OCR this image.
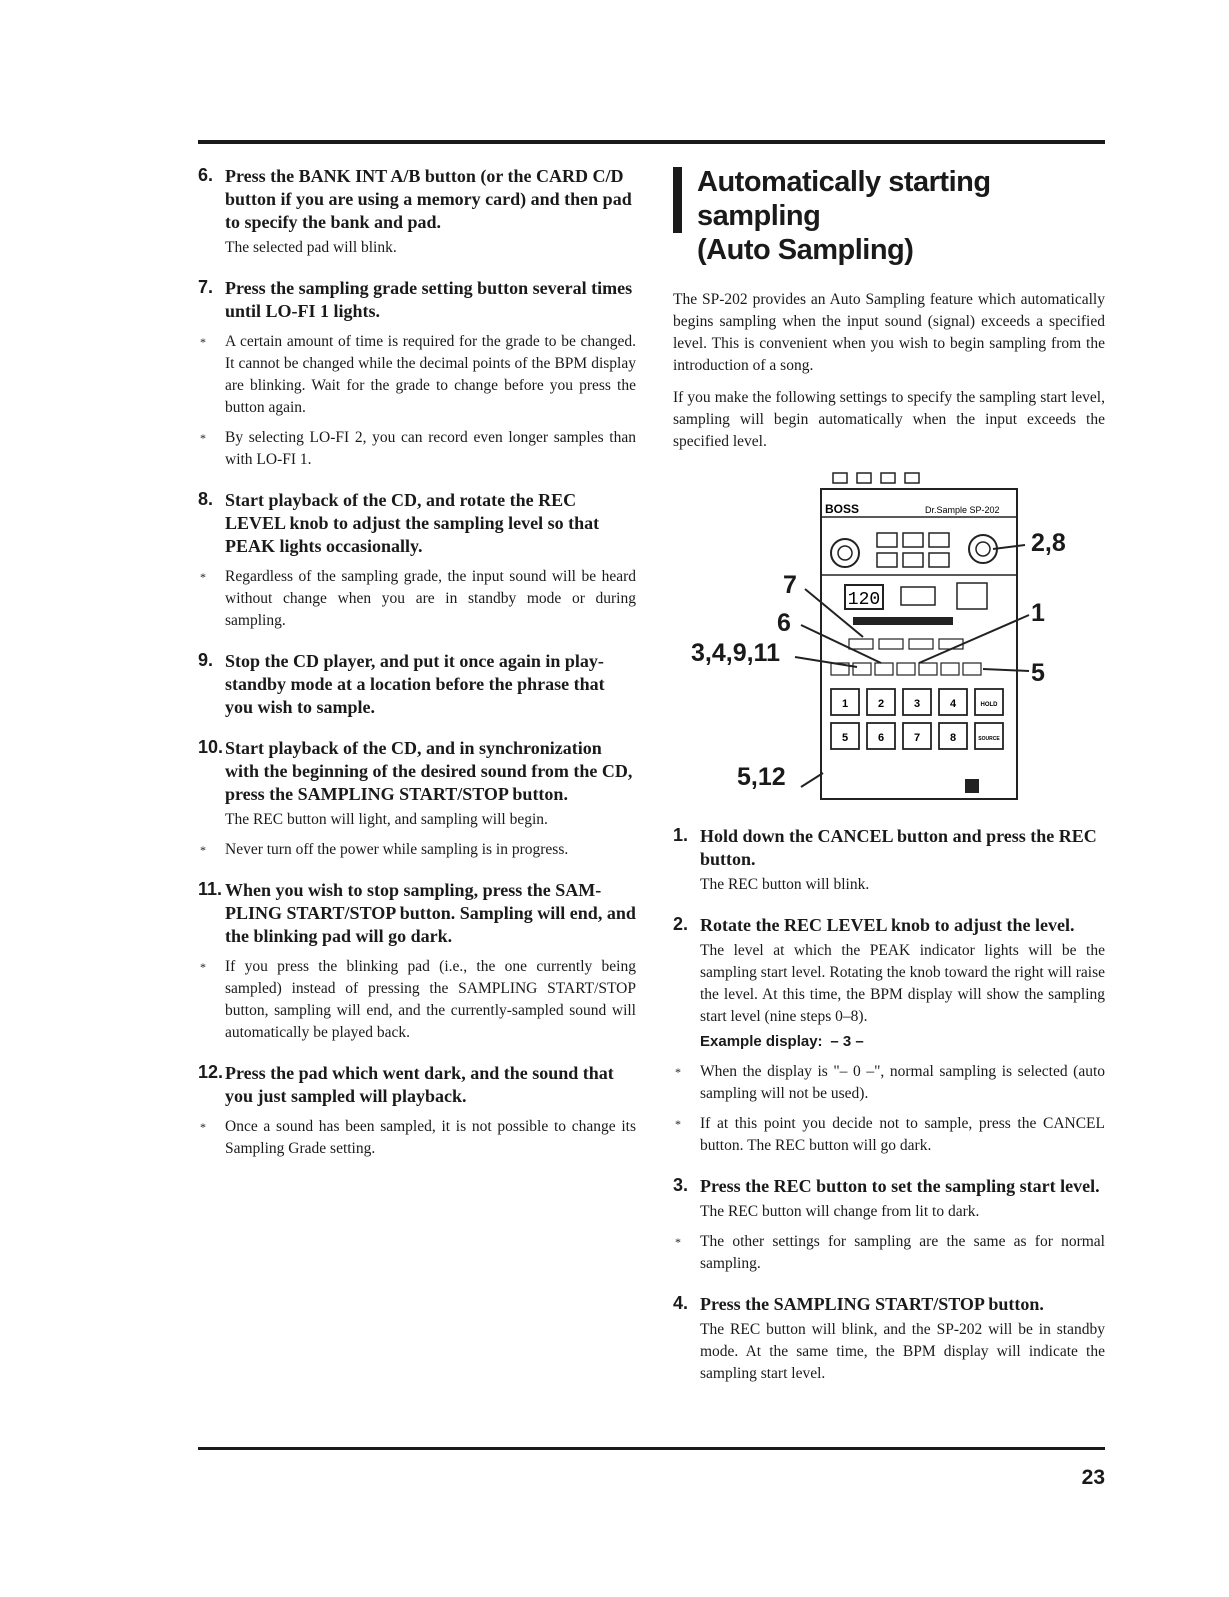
6. Press the BANK INT A/B button (or the CARD C/D button if you are using a memory card) and then pad to specify the bank and pad.
The selected pad will blink.
7. Press the sampling grade setting button several times until LO-FI 1 lights.
* A certain amount of time is required for the grade to be changed. It cannot be changed while the decimal points of the BPM display are blinking. Wait for the grade to change before you press the button again.
* By selecting LO-FI 2, you can record even longer samples than with LO-FI 1.
8. Start playback of the CD, and rotate the REC LEVEL knob to adjust the sampling level so that PEAK lights occasionally.
* Regardless of the sampling grade, the input sound will be heard without change when you are in standby mode or during sampling.
9. Stop the CD player, and put it once again in play-standby mode at a location before the phrase that you wish to sample.
10. Start playback of the CD, and in synchronization with the beginning of the desired sound from the CD, press the SAMPLING START/STOP button.
The REC button will light, and sampling will begin.
* Never turn off the power while sampling is in progress.
11. When you wish to stop sampling, press the SAM-PLING START/STOP button. Sampling will end, and the blinking pad will go dark.
* If you press the blinking pad (i.e., the one currently being sampled) instead of pressing the SAMPLING START/STOP button, sampling will end, and the currently-sampled sound will automatically be played back.
12. Press the pad which went dark, and the sound that you just sampled will playback.
* Once a sound has been sampled, it is not possible to change its Sampling Grade setting.
Automatically starting sampling
(Auto Sampling)

The SP-202 provides an Auto Sampling feature which automatically begins sampling when the input sound (signal) exceeds a specified level. This is convenient when you wish to begin sampling from the introduction of a song.

If you make the following settings to specify the sampling start level, sampling will begin automatically when the input exceeds the specified level.

BOSS	Dr.Sample SP-202
120
1	2	3	4	HOLD
5	6	7	8	SOURCE
2,8
7
1
6
3,4,9,11
5
5,12
1. Hold down the CANCEL button and press the REC button.
The REC button will blink.
2. Rotate the REC LEVEL knob to adjust the level.
The level at which the PEAK indicator lights will be the sampling start level. Rotating the knob toward the right will raise the level. At this time, the BPM display will show the sampling start level (nine steps 0–8).
Example display: – 3 –
* When the display is "– 0 –", normal sampling is selected (auto sampling will not be used).
* If at this point you decide not to sample, press the CANCEL button. The REC button will go dark.
3. Press the REC button to set the sampling start level.
The REC button will change from lit to dark.
* The other settings for sampling are the same as for normal sampling.
4. Press the SAMPLING START/STOP button.
The REC button will blink, and the SP-202 will be in standby mode. At the same time, the BPM display will indicate the sampling start level.
23
